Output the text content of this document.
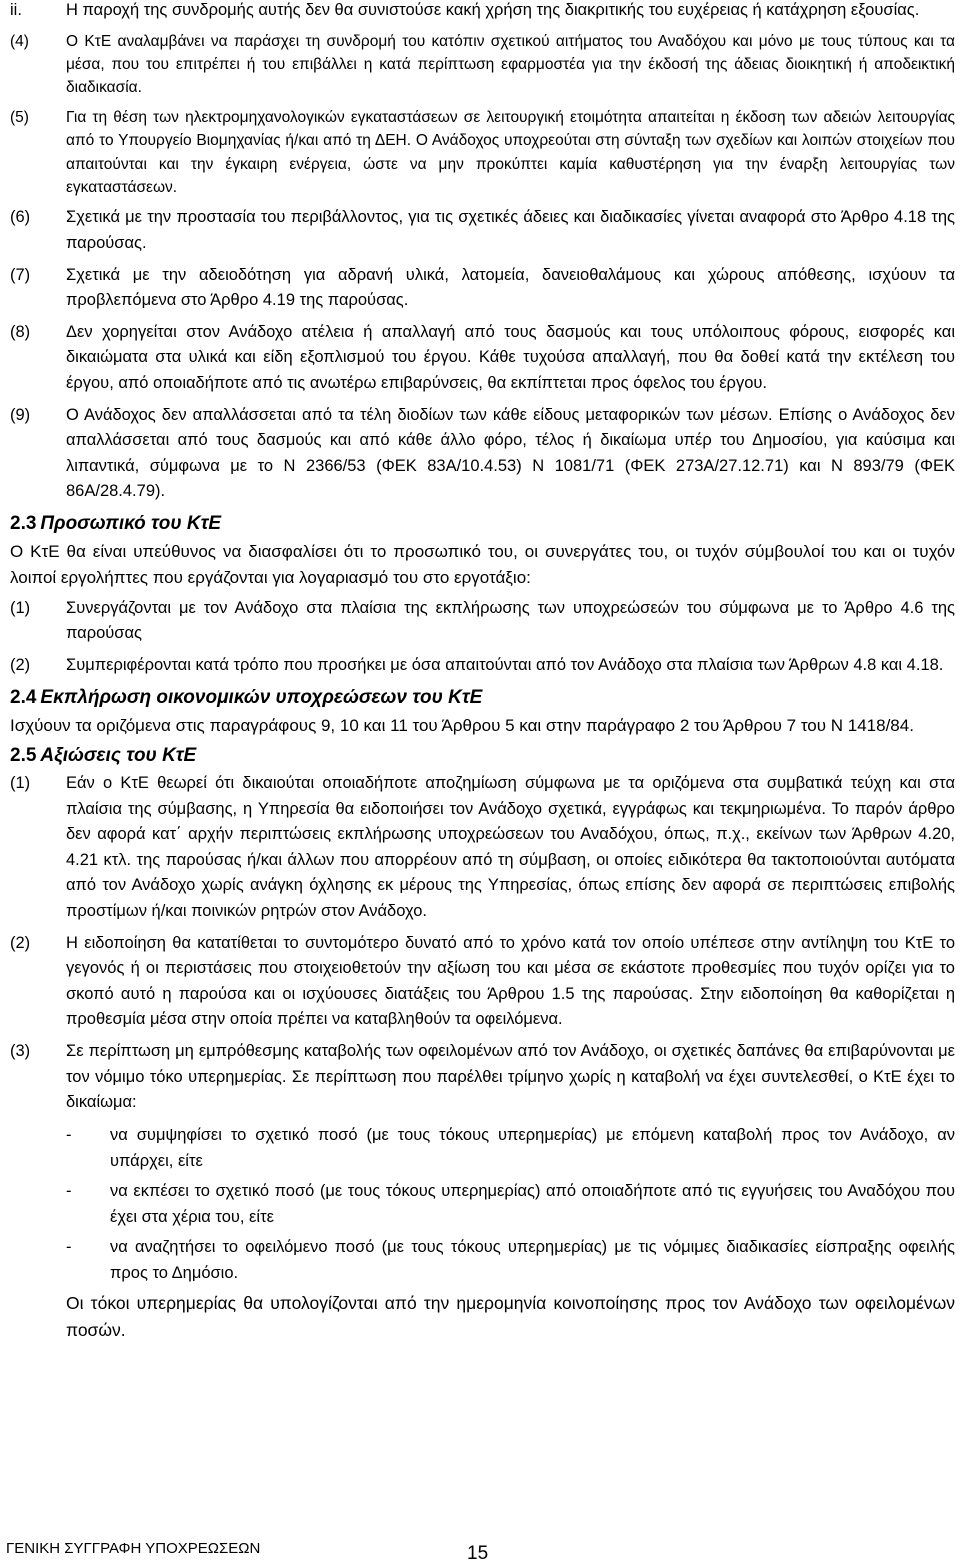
ii.	Η παροχή της συνδρομής αυτής δεν θα συνιστούσε κακή χρήση της διακριτικής του ευχέρειας ή κατάχρηση εξουσίας.
(4)	Ο ΚτΕ αναλαμβάνει να παράσχει τη συνδρομή του κατόπιν σχετικού αιτήματος του Αναδόχου και μόνο με τους τύπους και τα μέσα, που του επιτρέπει ή του επιβάλλει η κατά περίπτωση εφαρμοστέα για την έκδοσή της άδειας διοικητική ή αποδεικτική διαδικασία.
(5)	Για τη θέση των ηλεκτρομηχανολογικών εγκαταστάσεων σε λειτουργική ετοιμότητα απαιτείται η έκδοση των αδειών λειτουργίας από το Υπουργείο Βιομηχανίας ή/και από τη ΔΕΗ. Ο Ανάδοχος υποχρεούται στη σύνταξη των σχεδίων και λοιπών στοιχείων που απαιτούνται και την έγκαιρη ενέργεια, ώστε να μην προκύπτει καμία καθυστέρηση για την έναρξη λειτουργίας των εγκαταστάσεων.
(6)	Σχετικά με την προστασία του περιβάλλοντος, για τις σχετικές άδειες και διαδικασίες γίνεται αναφορά στο Άρθρο 4.18 της παρούσας.
(7)	Σχετικά με την αδειοδότηση για αδρανή υλικά, λατομεία, δανειοθαλάμους και χώρους απόθεσης, ισχύουν τα προβλεπόμενα στο Άρθρο 4.19 της παρούσας.
(8)	Δεν χορηγείται στον Ανάδοχο ατέλεια ή απαλλαγή από τους δασμούς και τους υπόλοιπους φόρους, εισφορές και δικαιώματα στα υλικά και είδη εξοπλισμού του έργου. Κάθε τυχούσα απαλλαγή, που θα δοθεί κατά την εκτέλεση του έργου, από οποιαδήποτε από τις ανωτέρω επιβαρύνσεις, θα εκπίπτεται προς όφελος του έργου.
(9)	Ο Ανάδοχος δεν απαλλάσσεται από τα τέλη διοδίων των κάθε είδους μεταφορικών των μέσων. Επίσης ο Ανάδοχος δεν απαλλάσσεται από τους δασμούς και από κάθε άλλο φόρο, τέλος ή δικαίωμα υπέρ του Δημοσίου, για καύσιμα και λιπαντικά, σύμφωνα με το Ν 2366/53 (ΦΕΚ 83Α/10.4.53) Ν 1081/71 (ΦΕΚ 273Α/27.12.71) και Ν 893/79 (ΦΕΚ 86Α/28.4.79).
2.3 Προσωπικό του ΚτΕ

Ο ΚτΕ θα είναι υπεύθυνος να διασφαλίσει ότι το προσωπικό του, οι συνεργάτες του, οι τυχόν σύμβουλοί του και οι τυχόν λοιποί εργολήπτες που εργάζονται για λογαριασμό του στο εργοτάξιο:

(1)	Συνεργάζονται με τον Ανάδοχο στα πλαίσια της εκπλήρωσης των υποχρεώσεών του σύμφωνα με το Άρθρο 4.6 της παρούσας
(2)	Συμπεριφέρονται κατά τρόπο που προσήκει με όσα απαιτούνται από τον Ανάδοχο στα πλαίσια των Άρθρων 4.8 και 4.18.
2.4 Εκπλήρωση οικονομικών υποχρεώσεων του ΚτΕ

Ισχύουν τα οριζόμενα στις παραγράφους 9, 10 και 11 του Άρθρου 5 και στην παράγραφο 2 του Άρθρου 7 του Ν 1418/84.

2.5 Αξιώσεις του ΚτΕ
(1)	Εάν ο ΚτΕ θεωρεί ότι δικαιούται οποιαδήποτε αποζημίωση σύμφωνα με τα οριζόμενα στα συμβατικά τεύχη και στα πλαίσια της σύμβασης, η Υπηρεσία θα ειδοποιήσει τον Ανάδοχο σχετικά, εγγράφως και τεκμηριωμένα. Το παρόν άρθρο δεν αφορά κατ΄ αρχήν περιπτώσεις εκπλήρωσης υποχρεώσεων του Αναδόχου, όπως, π.χ., εκείνων των Άρθρων 4.20, 4.21 κτλ. της παρούσας ή/και άλλων που απορρέουν από τη σύμβαση, οι οποίες ειδικότερα θα τακτοποιούνται αυτόματα από τον Ανάδοχο χωρίς ανάγκη όχλησης εκ μέρους της Υπηρεσίας, όπως επίσης δεν αφορά σε περιπτώσεις επιβολής προστίμων ή/και ποινικών ρητρών στον Ανάδοχο.
(2)	Η ειδοποίηση θα κατατίθεται το συντομότερο δυνατό από το χρόνο κατά τον οποίο υπέπεσε στην αντίληψη του ΚτΕ το γεγονός ή οι περιστάσεις που στοιχειοθετούν την αξίωση του και μέσα σε εκάστοτε προθεσμίες που τυχόν ορίζει για το σκοπό αυτό η παρούσα και οι ισχύουσες διατάξεις του Άρθρου 1.5 της παρούσας. Στην ειδοποίηση θα καθορίζεται η προθεσμία μέσα στην οποία πρέπει να καταβληθούν τα οφειλόμενα.
(3)	Σε περίπτωση μη εμπρόθεσμης καταβολής των οφειλομένων από τον Ανάδοχο, οι σχετικές δαπάνες θα επιβαρύνονται με τον νόμιμο τόκο υπερημερίας. Σε περίπτωση που παρέλθει τρίμηνο χωρίς η καταβολή να έχει συντελεσθεί, ο ΚτΕ έχει το δικαίωμα:
-	να συμψηφίσει το σχετικό ποσό (με τους τόκους υπερημερίας) με επόμενη καταβολή προς τον Ανάδοχο, αν υπάρχει, είτε
-	να εκπέσει το σχετικό ποσό (με τους τόκους υπερημερίας) από οποιαδήποτε από τις εγγυήσεις του Αναδόχου που έχει στα χέρια του, είτε
-	να αναζητήσει το οφειλόμενο ποσό (με τους τόκους υπερημερίας) με τις νόμιμες διαδικασίες είσπραξης οφειλής προς το Δημόσιο.

Οι τόκοι υπερημερίας θα υπολογίζονται από την ημερομηνία κοινοποίησης προς τον Ανάδοχο των οφειλομένων ποσών.

ΓΕΝΙΚΗ ΣΥΓΓΡΑΦΗ ΥΠΟΧΡΕΩΣΕΩΝ	15
